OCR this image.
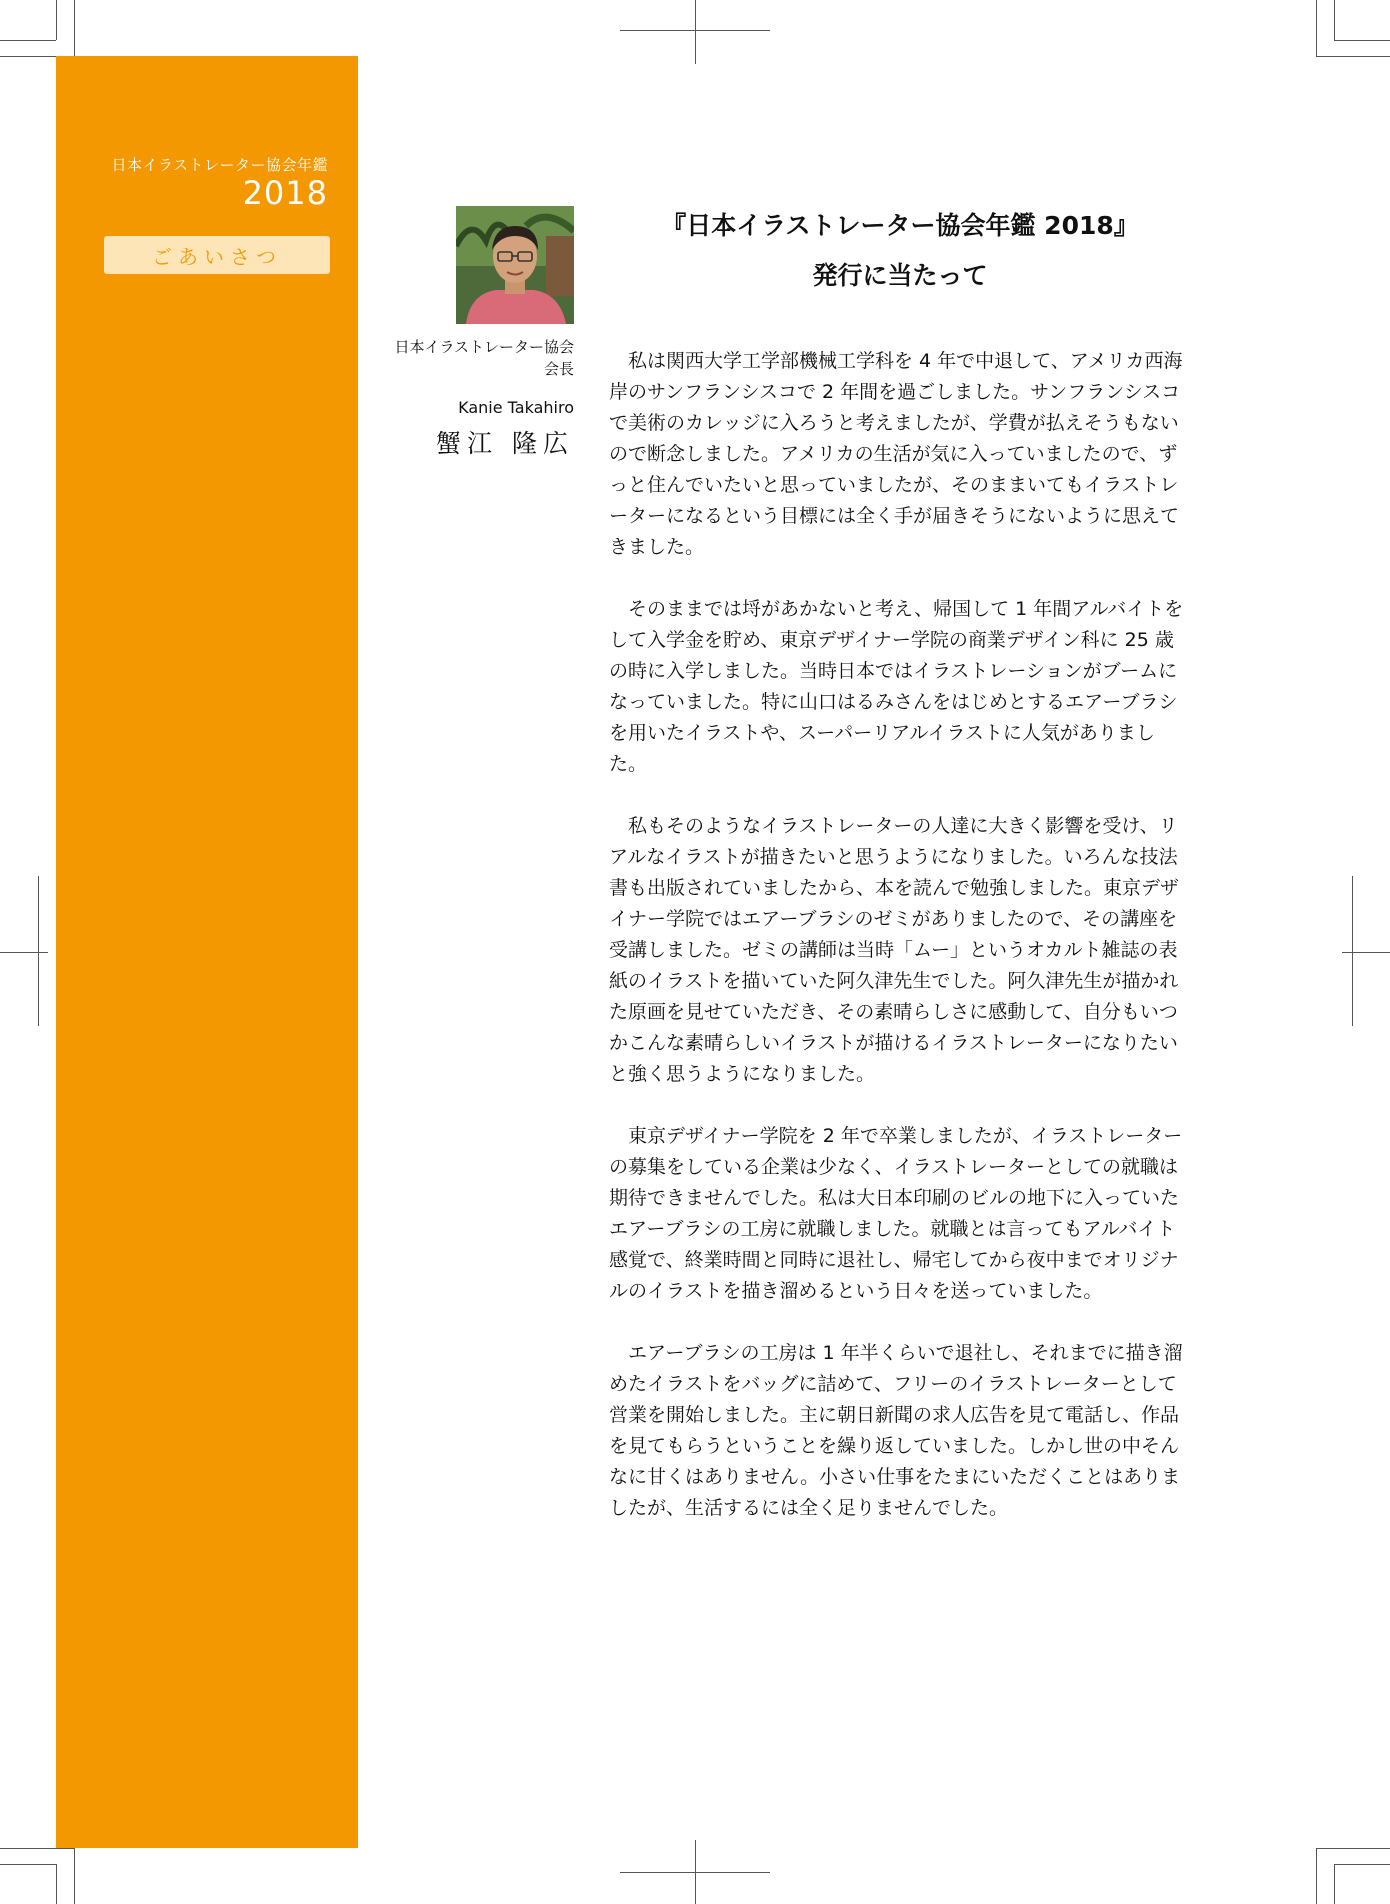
日本イラストレーター協会年鑑
2018
ごあいさつ
日本イラストレーター協会
会長
Kanie Takahiro
蟹江 隆広
『日本イラストレーター協会年鑑 2018』
発行に当たって

　私は関西大学工学部機械工学科を 4 年で中退して、アメリカ西海岸のサンフランシスコで 2 年間を過ごしました。サンフランシスコで美術のカレッジに入ろうと考えましたが、学費が払えそうもないので断念しました。アメリカの生活が気に入っていましたので、ずっと住んでいたいと思っていましたが、そのままいてもイラストレーターになるという目標には全く手が届きそうにないように思えてきました。

　そのままでは埒があかないと考え、帰国して 1 年間アルバイトをして入学金を貯め、東京デザイナー学院の商業デザイン科に 25 歳の時に入学しました。当時日本ではイラストレーションがブームになっていました。特に山口はるみさんをはじめとするエアーブラシを用いたイラストや、スーパーリアルイラストに人気がありました。

　私もそのようなイラストレーターの人達に大きく影響を受け、リアルなイラストが描きたいと思うようになりました。いろんな技法書も出版されていましたから、本を読んで勉強しました。東京デザイナー学院ではエアーブラシのゼミがありましたので、その講座を受講しました。ゼミの講師は当時「ムー」というオカルト雑誌の表紙のイラストを描いていた阿久津先生でした。阿久津先生が描かれた原画を見せていただき、その素晴らしさに感動して、自分もいつかこんな素晴らしいイラストが描けるイラストレーターになりたいと強く思うようになりました。

　東京デザイナー学院を 2 年で卒業しましたが、イラストレーターの募集をしている企業は少なく、イラストレーターとしての就職は期待できませんでした。私は大日本印刷のビルの地下に入っていたエアーブラシの工房に就職しました。就職とは言ってもアルバイト感覚で、終業時間と同時に退社し、帰宅してから夜中までオリジナルのイラストを描き溜めるという日々を送っていました。

　エアーブラシの工房は 1 年半くらいで退社し、それまでに描き溜めたイラストをバッグに詰めて、フリーのイラストレーターとして営業を開始しました。主に朝日新聞の求人広告を見て電話し、作品を見てもらうということを繰り返していました。しかし世の中そんなに甘くはありません。小さい仕事をたまにいただくことはありましたが、生活するには全く足りませんでした。
